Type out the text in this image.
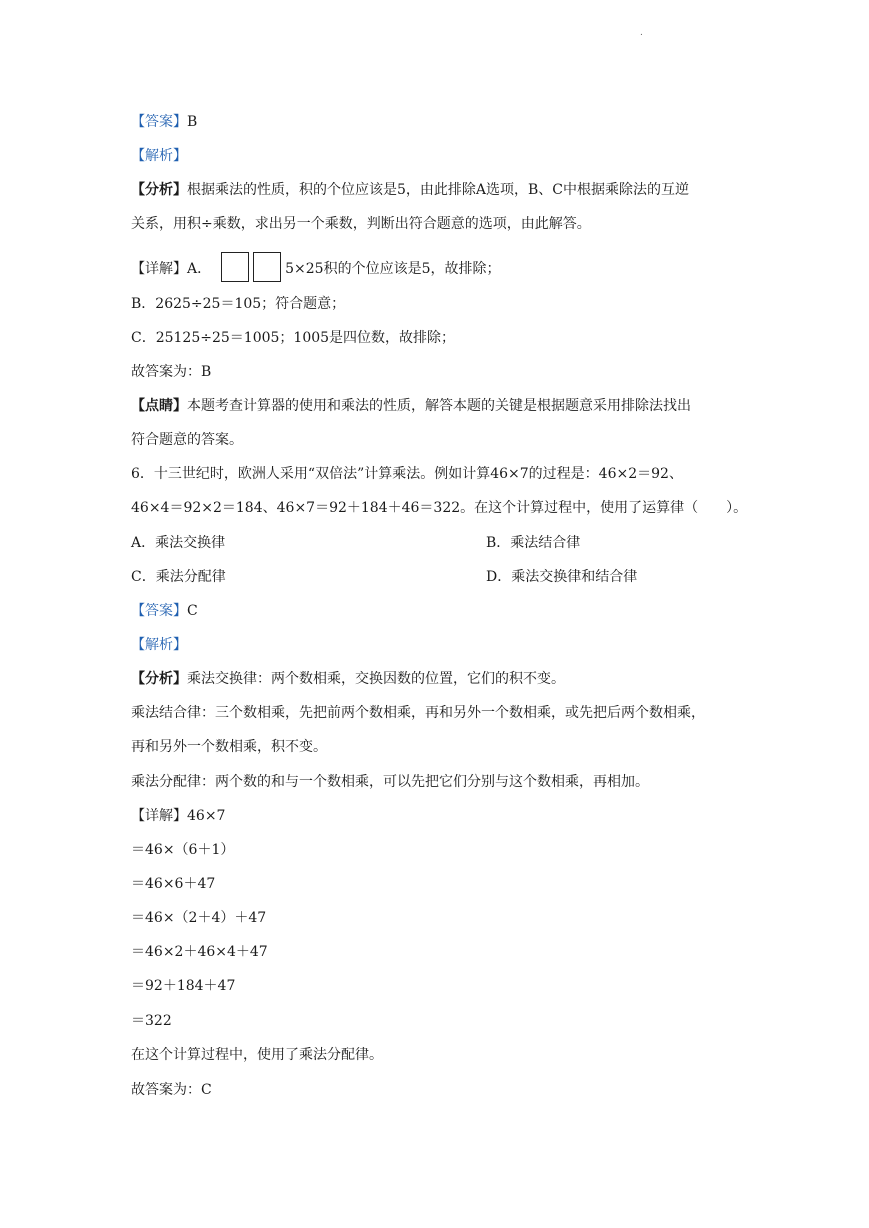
.
【答案】B
【解析】
【分析】根据乘法的性质，积的个位应该是5，由此排除A选项，B、C中根据乘除法的互逆
关系，用积÷乘数，求出另一个乘数，判断出符合题意的选项，由此解答。
【详解】A．	5×25积的个位应该是5，故排除；
B．2625÷25＝105；符合题意；
C．25125÷25＝1005；1005是四位数，故排除；
故答案为：B
【点睛】本题考查计算器的使用和乘法的性质，解答本题的关键是根据题意采用排除法找出
符合题意的答案。
6．十三世纪时，欧洲人采用“双倍法”计算乘法。例如计算46×7的过程是：46×2＝92、
46×4＝92×2＝184、46×7＝92＋184＋46＝322。在这个计算过程中，使用了运算律（　　）。
A．乘法交换律	B．乘法结合律
C．乘法分配律	D．乘法交换律和结合律
【答案】C
【解析】
【分析】乘法交换律：两个数相乘，交换因数的位置，它们的积不变。
乘法结合律：三个数相乘，先把前两个数相乘，再和另外一个数相乘，或先把后两个数相乘，
再和另外一个数相乘，积不变。
乘法分配律：两个数的和与一个数相乘，可以先把它们分别与这个数相乘，再相加。
【详解】46×7
＝46×（6＋1）
＝46×6＋47
＝46×（2＋4）＋47
＝46×2＋46×4＋47
＝92＋184＋47
＝322
在这个计算过程中，使用了乘法分配律。
故答案为：C
